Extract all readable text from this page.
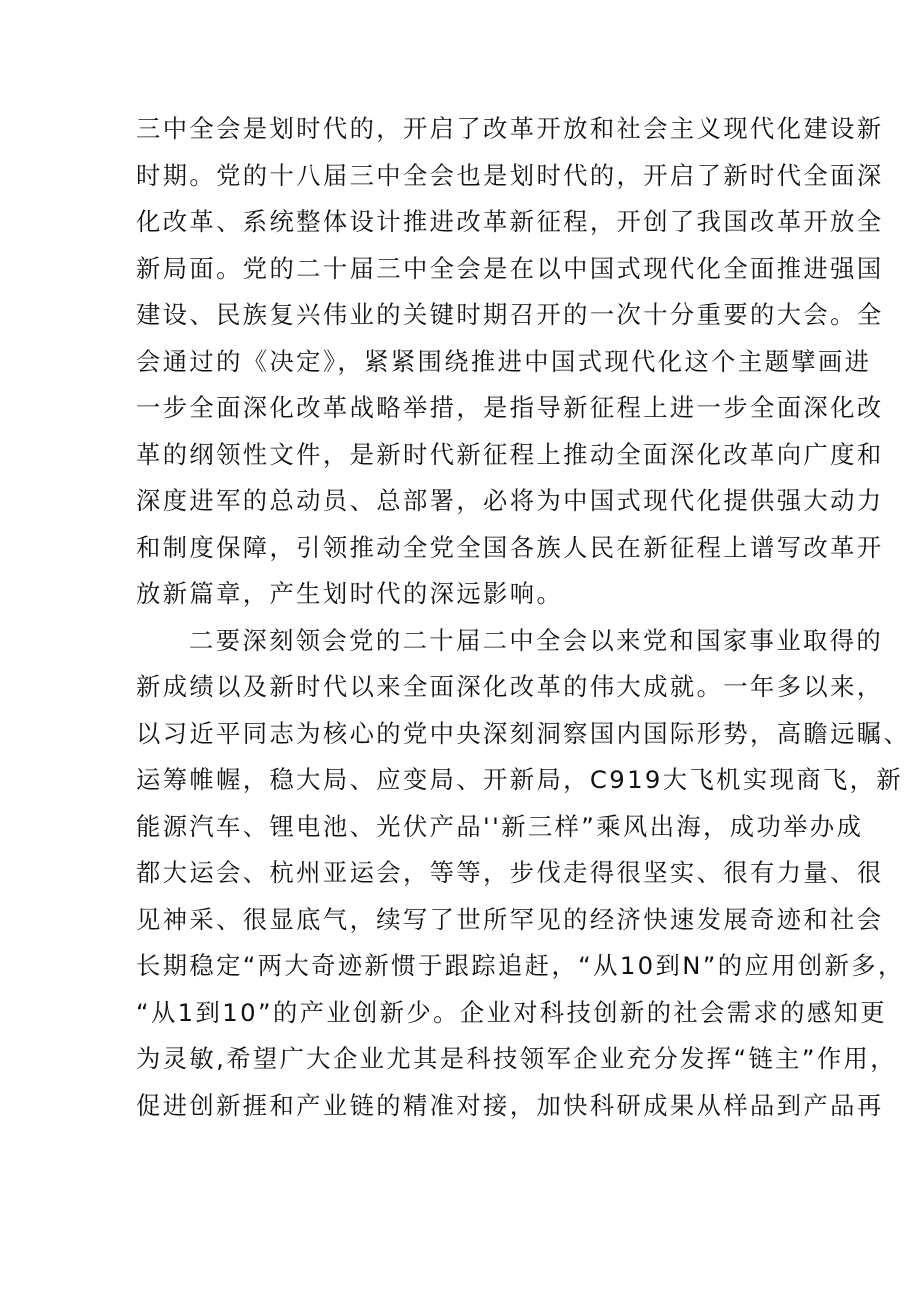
三中全会是划时代的，开启了改革开放和社会主义现代化建设新
时期。党的十八届三中全会也是划时代的，开启了新时代全面深
化改革、系统整体设计推进改革新征程，开创了我国改革开放全
新局面。党的二十届三中全会是在以中国式现代化全面推进强国
建设、民族复兴伟业的关键时期召开的一次十分重要的大会。全
会通过的《决定》，紧紧围绕推进中国式现代化这个主题擘画进
一步全面深化改革战略举措，是指导新征程上进一步全面深化改
革的纲领性文件，是新时代新征程上推动全面深化改革向广度和
深度进军的总动员、总部署，必将为中国式现代化提供强大动力
和制度保障，引领推动全党全国各族人民在新征程上谱写改革开
放新篇章，产生划时代的深远影响。
二要深刻领会党的二十届二中全会以来党和国家事业取得的
新成绩以及新时代以来全面深化改革的伟大成就。一年多以来，
以习近平同志为核心的党中央深刻洞察国内国际形势，高瞻远瞩、
运筹帷幄，稳大局、应变局、开新局，C919大飞机实现商飞，新
能源汽车、锂电池、光伏产品''新三样”乘风出海，成功举办成
都大运会、杭州亚运会，等等，步伐走得很坚实、很有力量、很
见神采、很显底气，续写了世所罕见的经济快速发展奇迹和社会
长期稳定“两大奇迹新惯于跟踪追赶，“从10到N”的应用创新多，
“从1到10”的产业创新少。企业对科技创新的社会需求的感知更
为灵敏,希望广大企业尤其是科技领军企业充分发挥“链主”作用，
促进创新捱和产业链的精准对接，加快科研成果从样品到产品再
